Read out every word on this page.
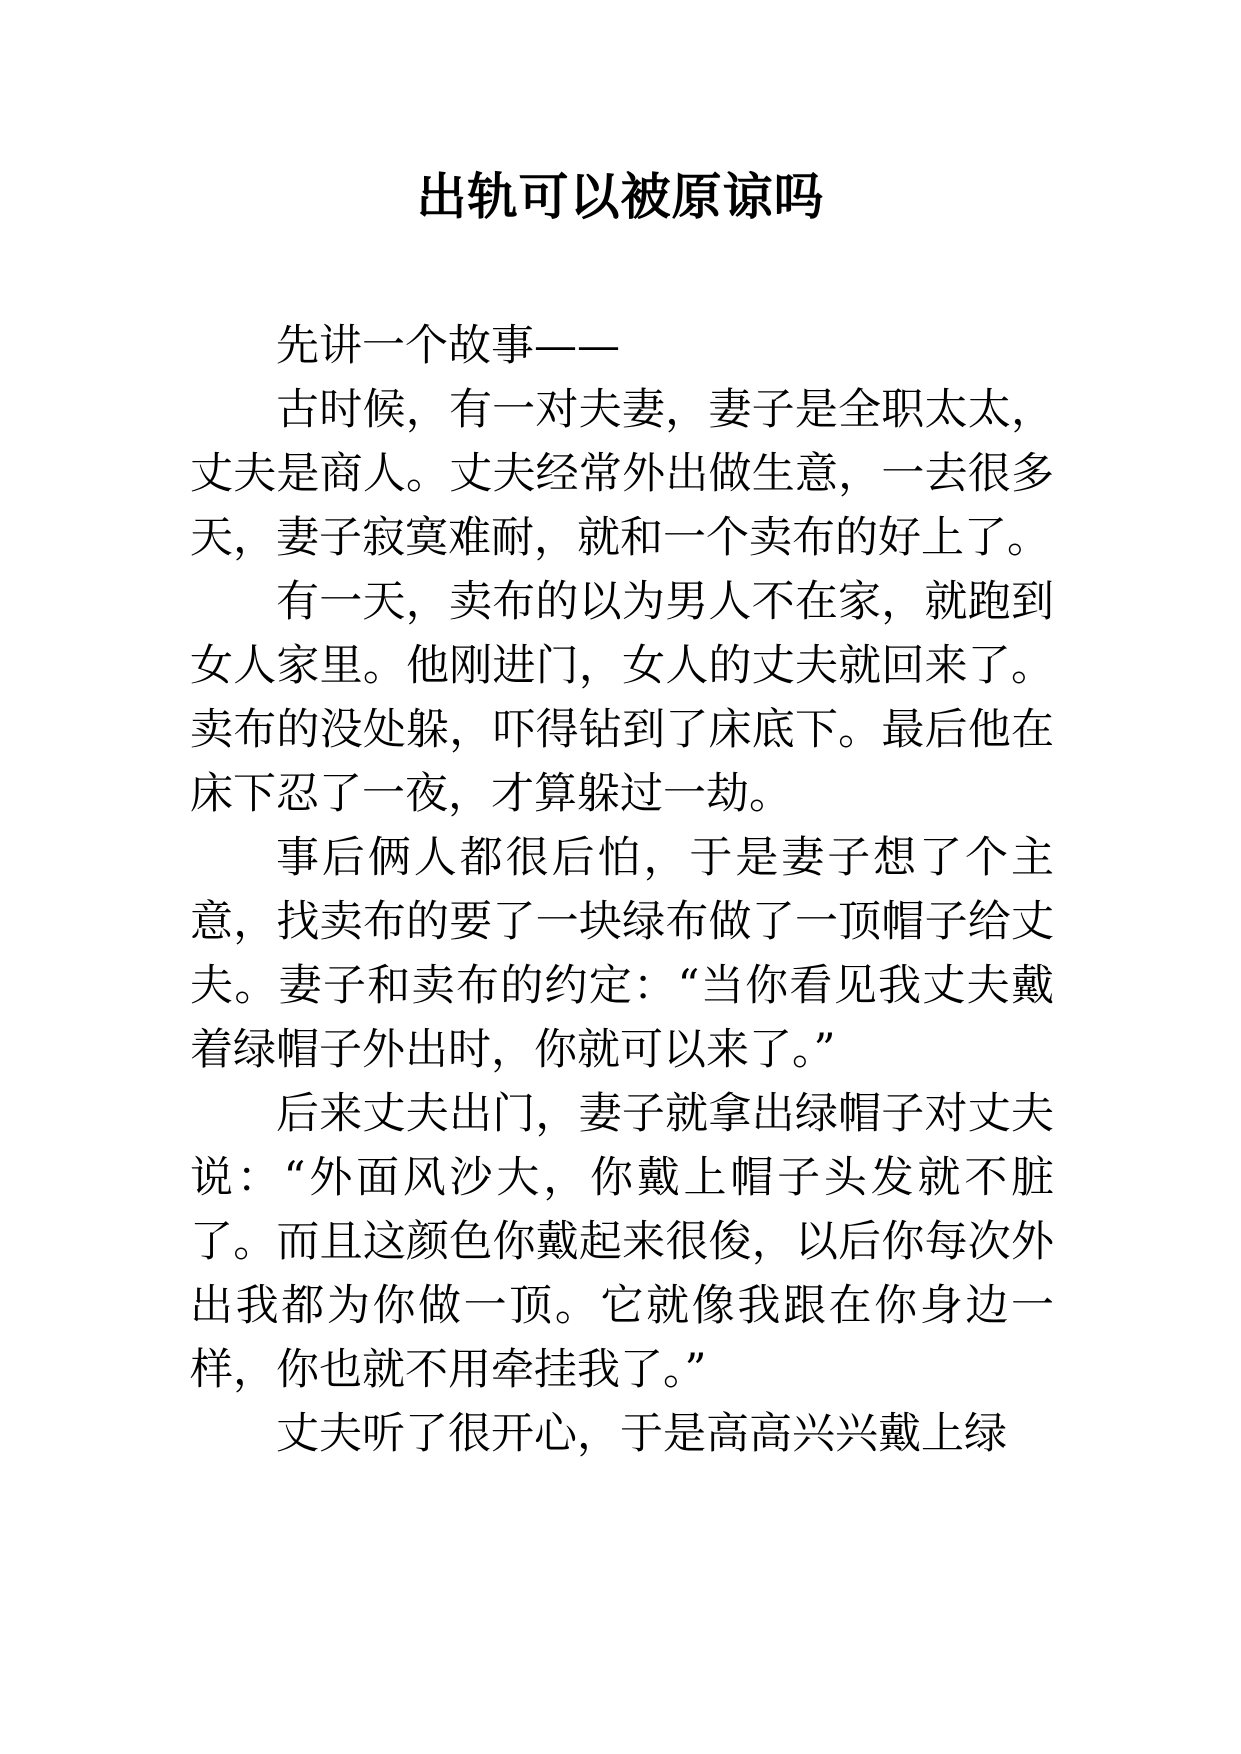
出轨可以被原谅吗

先讲一个故事——

古时候，有一对夫妻，妻子是全职太太，丈夫是商人。丈夫经常外出做生意，一去很多天，妻子寂寞难耐，就和一个卖布的好上了。

有一天，卖布的以为男人不在家，就跑到女人家里。他刚进门，女人的丈夫就回来了。卖布的没处躲，吓得钻到了床底下。最后他在床下忍了一夜，才算躲过一劫。

事后俩人都很后怕，于是妻子想了个主意，找卖布的要了一块绿布做了一顶帽子给丈夫。妻子和卖布的约定：“当你看见我丈夫戴着绿帽子外出时，你就可以来了。”

后来丈夫出门，妻子就拿出绿帽子对丈夫说：“外面风沙大，你戴上帽子头发就不脏了。而且这颜色你戴起来很俊，以后你每次外出我都为你做一顶。它就像我跟在你身边一样，你也就不用牵挂我了。”

丈夫听了很开心，于是高高兴兴戴上绿
